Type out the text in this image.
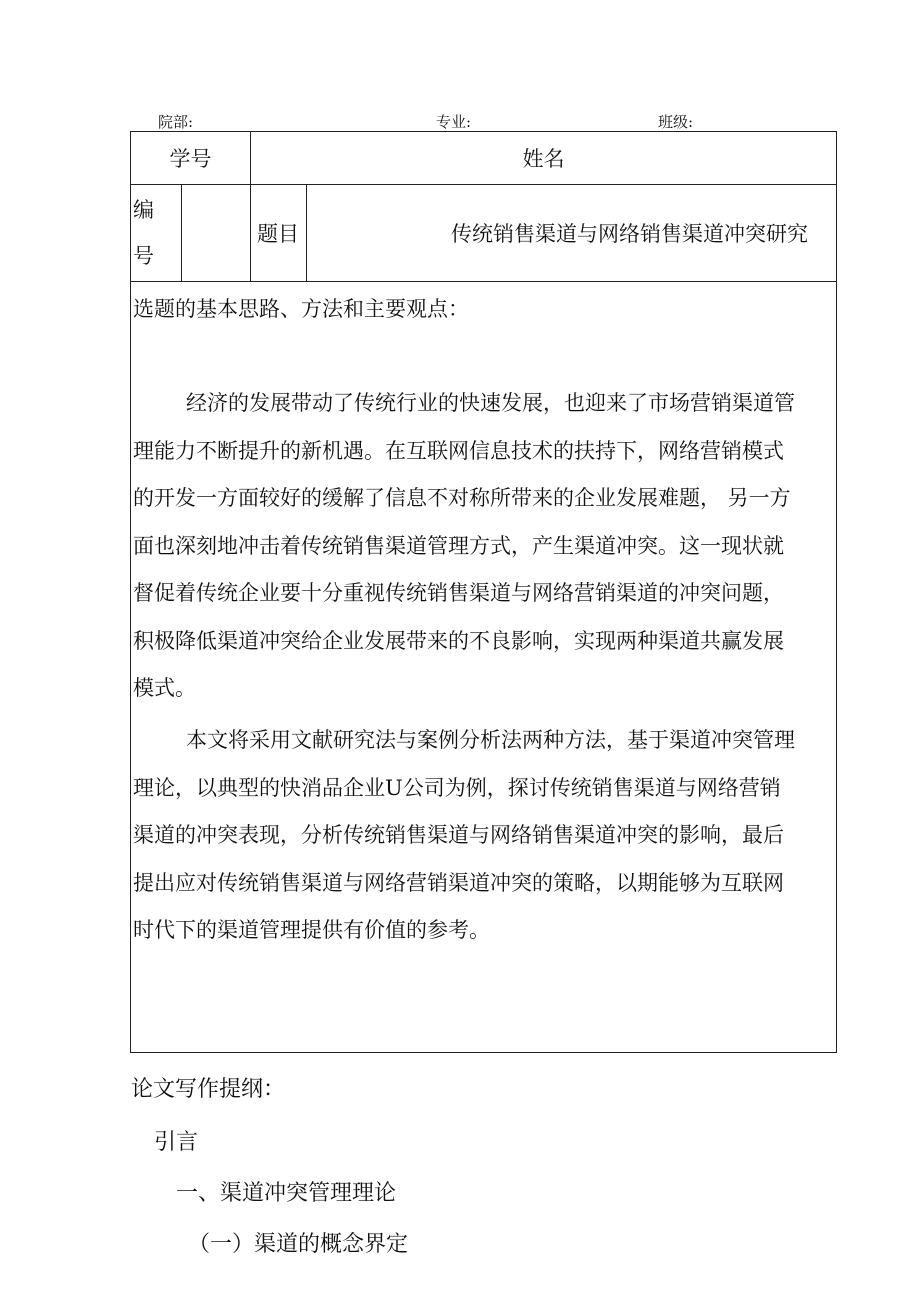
院部:	专业:	班级:
学号		姓名	

编
号		题目	传统销售渠道与网络销售渠道冲突研究

选题的基本思路、方法和主要观点：
经济的发展带动了传统行业的快速发展，也迎来了市场营销渠道管理能力不断提升的新机遇。在互联网信息技术的扶持下，网络营销模式的开发一方面较好的缓解了信息不对称所带来的企业发展难题， 另一方面也深刻地冲击着传统销售渠道管理方式，产生渠道冲突。这一现状就督促着传统企业要十分重视传统销售渠道与网络营销渠道的冲突问题，积极降低渠道冲突给企业发展带来的不良影响，实现两种渠道共赢发展模式。
本文将采用文献研究法与案例分析法两种方法，基于渠道冲突管理理论，以典型的快消品企业U公司为例，探讨传统销售渠道与网络营销渠道的冲突表现，分析传统销售渠道与网络销售渠道冲突的影响，最后提出应对传统销售渠道与网络营销渠道冲突的策略，以期能够为互联网时代下的渠道管理提供有价值的参考。			
论文写作提纲：
引言
一、渠道冲突管理理论
（一）渠道的概念界定
